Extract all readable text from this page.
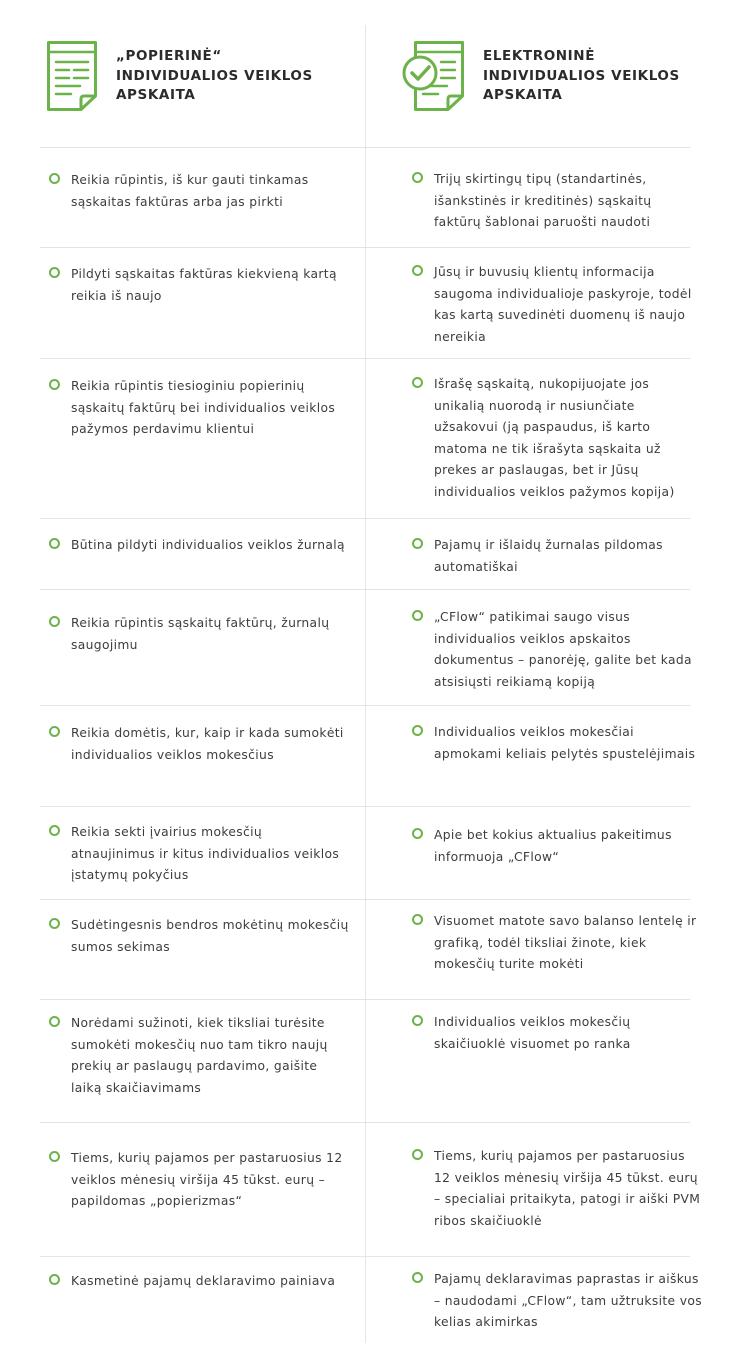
„POPIERINĖ“ INDIVIDUALIOS VEIKLOS APSKAITA
ELEKTRONINĖ INDIVIDUALIOS VEIKLOS APSKAITA
Reikia rūpintis, iš kur gauti tinkamas sąskaitas faktūras arba jas pirkti
Trijų skirtingų tipų (standartinės, išankstinės ir kreditinės) sąskaitų faktūrų šablonai paruošti naudoti
Pildyti sąskaitas faktūras kiekvieną kartą reikia iš naujo
Jūsų ir buvusių klientų informacija saugoma individualioje paskyroje, todėl kas kartą suvedinėti duomenų iš naujo nereikia
Reikia rūpintis tiesioginiu popierinių sąskaitų faktūrų bei individualios veiklos pažymos perdavimu klientui
Išrašę sąskaitą, nukopijuojate jos unikalią nuorodą ir nusiunčiate užsakovui (ją paspaudus, iš karto matoma ne tik išrašyta sąskaita už prekes ar paslaugas, bet ir Jūsų individualios veiklos pažymos kopija)
Būtina pildyti individualios veiklos žurnalą	Pajamų ir išlaidų žurnalas pildomas automatiškai
Reikia rūpintis sąskaitų faktūrų, žurnalų saugojimu
„CFlow“ patikimai saugo visus individualios veiklos apskaitos dokumentus – panorėję, galite bet kada atsisiųsti reikiamą kopiją
Reikia domėtis, kur, kaip ir kada sumokėti individualios veiklos mokesčius
Individualios veiklos mokesčiai apmokami keliais pelytės spustelėjimais
Reikia sekti įvairius mokesčių atnaujinimus ir kitus individualios veiklos įstatymų pokyčius
Apie bet kokius aktualius pakeitimus informuoja „CFlow“
Sudėtingesnis bendros mokėtinų mokesčių sumos sekimas
Visuomet matote savo balanso lentelę ir grafiką, todėl tiksliai žinote, kiek mokesčių turite mokėti
Norėdami sužinoti, kiek tiksliai turėsite sumokėti mokesčių nuo tam tikro naujų prekių ar paslaugų pardavimo, gaišite laiką skaičiavimams
Individualios veiklos mokesčių skaičiuoklė visuomet po ranka
Tiems, kurių pajamos per pastaruosius 12 veiklos mėnesių viršija 45 tūkst. eurų – papildomas „popierizmas“
Tiems, kurių pajamos per pastaruosius 12 veiklos mėnesių viršija 45 tūkst. eurų – specialiai pritaikyta, patogi ir aiški PVM ribos skaičiuoklė
Kasmetinė pajamų deklaravimo painiava	Pajamų deklaravimas paprastas ir aiškus – naudodami „CFlow“, tam užtruksite vos kelias akimirkas
